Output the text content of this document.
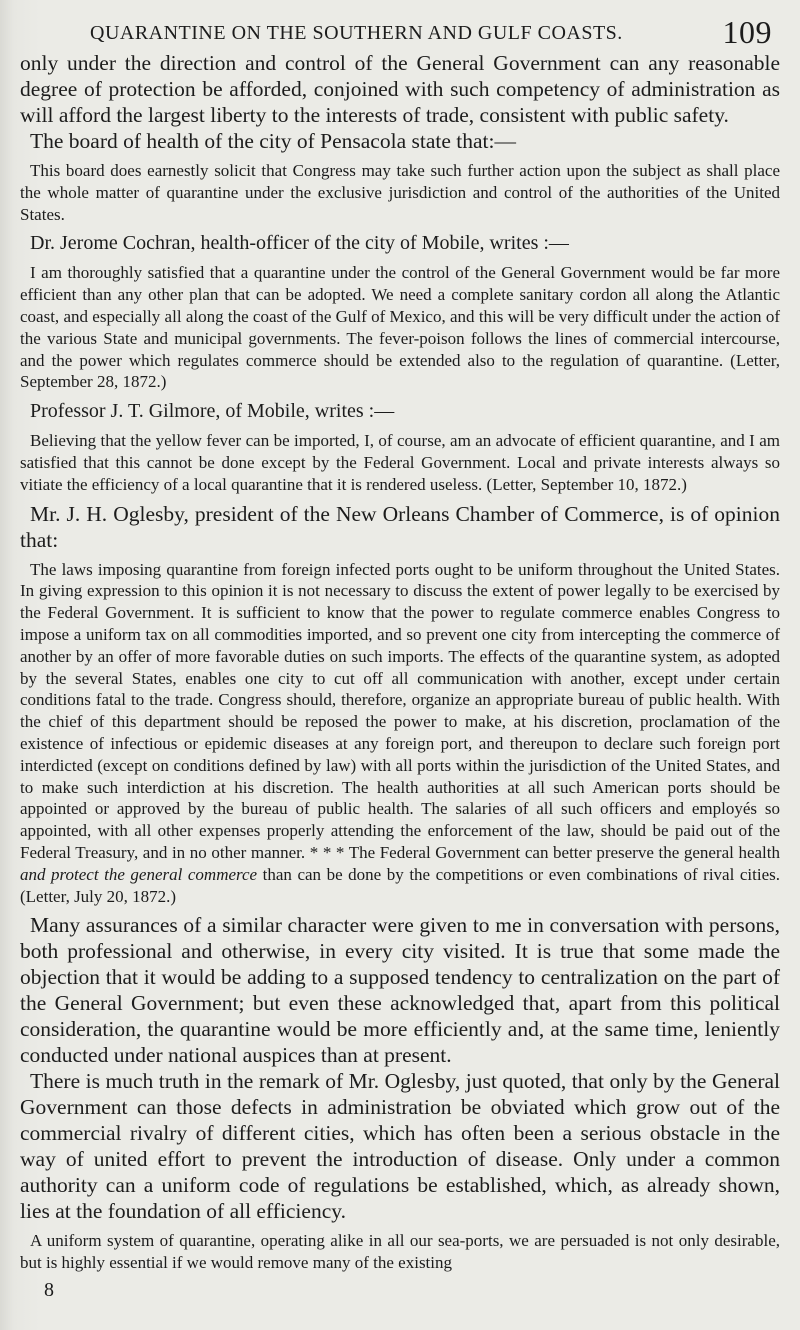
QUARANTINE ON THE SOUTHERN AND GULF COASTS.	109

only under the direction and control of the General Government can any reasonable degree of protection be afforded, conjoined with such competency of administration as will afford the largest liberty to the interests of trade, consistent with public safety.

The board of health of the city of Pensacola state that:—

This board does earnestly solicit that Congress may take such further action upon the subject as shall place the whole matter of quarantine under the exclusive jurisdiction and control of the authorities of the United States.

Dr. Jerome Cochran, health-officer of the city of Mobile, writes :—

I am thoroughly satisfied that a quarantine under the control of the General Government would be far more efficient than any other plan that can be adopted. We need a complete sanitary cordon all along the Atlantic coast, and especially all along the coast of the Gulf of Mexico, and this will be very difficult under the action of the various State and municipal governments. The fever-poison follows the lines of commercial intercourse, and the power which regulates commerce should be extended also to the regulation of quarantine. (Letter, September 28, 1872.)

Professor J. T. Gilmore, of Mobile, writes :—

Believing that the yellow fever can be imported, I, of course, am an advocate of efficient quarantine, and I am satisfied that this cannot be done except by the Federal Government. Local and private interests always so vitiate the efficiency of a local quarantine that it is rendered useless. (Letter, September 10, 1872.)

Mr. J. H. Oglesby, president of the New Orleans Chamber of Commerce, is of opinion that:

The laws imposing quarantine from foreign infected ports ought to be uniform throughout the United States. In giving expression to this opinion it is not necessary to discuss the extent of power legally to be exercised by the Federal Government. It is sufficient to know that the power to regulate commerce enables Congress to impose a uniform tax on all commodities imported, and so prevent one city from intercepting the commerce of another by an offer of more favorable duties on such imports. The effects of the quarantine system, as adopted by the several States, enables one city to cut off all communication with another, except under certain conditions fatal to the trade. Congress should, therefore, organize an appropriate bureau of public health. With the chief of this department should be reposed the power to make, at his discretion, proclamation of the existence of infectious or epidemic diseases at any foreign port, and thereupon to declare such foreign port interdicted (except on conditions defined by law) with all ports within the jurisdiction of the United States, and to make such interdiction at his discretion. The health authorities at all such American ports should be appointed or approved by the bureau of public health. The salaries of all such officers and employés so appointed, with all other expenses properly attending the enforcement of the law, should be paid out of the Federal Treasury, and in no other manner. * * * The Federal Government can better preserve the general health and protect the general commerce than can be done by the competitions or even combinations of rival cities. (Letter, July 20, 1872.)

Many assurances of a similar character were given to me in conversation with persons, both professional and otherwise, in every city visited. It is true that some made the objection that it would be adding to a supposed tendency to centralization on the part of the General Government; but even these acknowledged that, apart from this political consideration, the quarantine would be more efficiently and, at the same time, leniently conducted under national auspices than at present.

There is much truth in the remark of Mr. Oglesby, just quoted, that only by the General Government can those defects in administration be obviated which grow out of the commercial rivalry of different cities, which has often been a serious obstacle in the way of united effort to prevent the introduction of disease. Only under a common authority can a uniform code of regulations be established, which, as already shown, lies at the foundation of all efficiency.

A uniform system of quarantine, operating alike in all our sea-ports, we are persuaded is not only desirable, but is highly essential if we would remove many of the existing

8
